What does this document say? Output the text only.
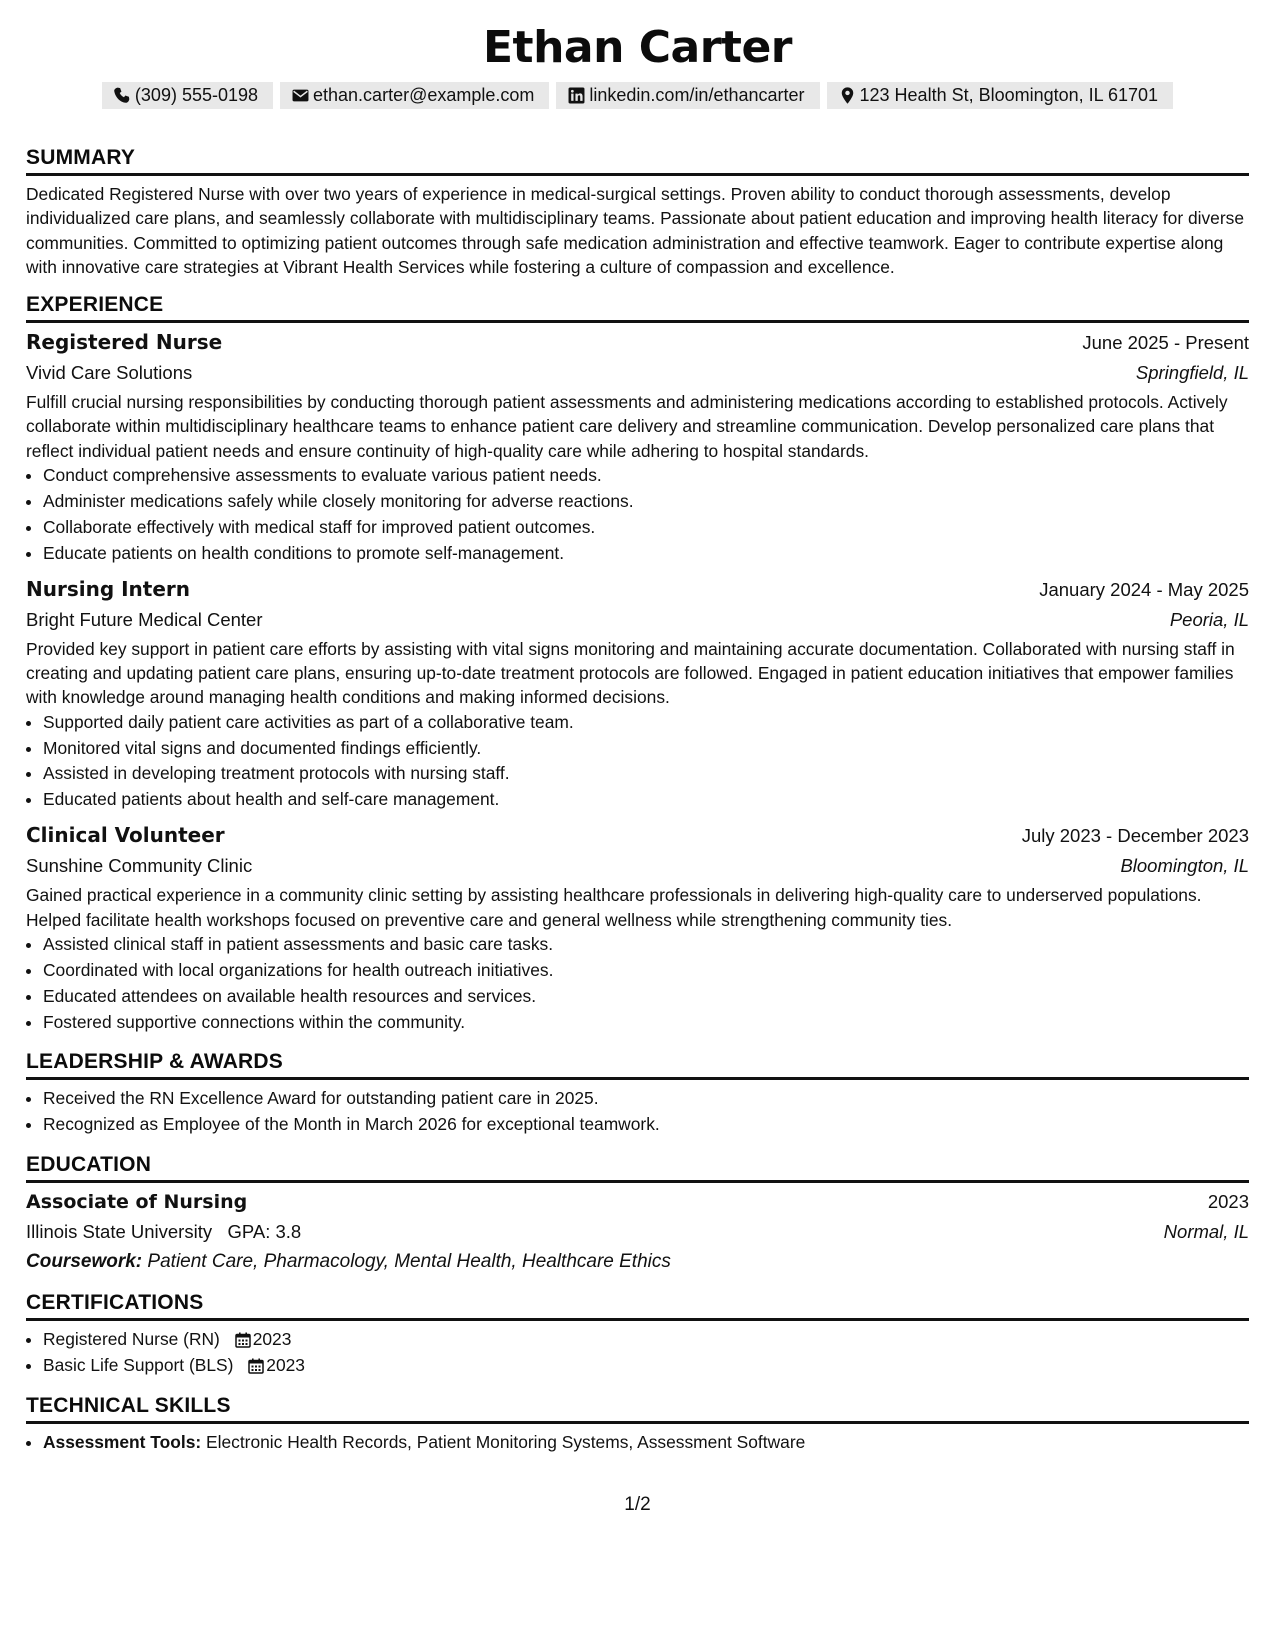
Ethan Carter
(309) 555-0198	ethan.carter@example.com	linkedin.com/in/ethancarter	123 Health St, Bloomington, IL 61701
SUMMARY

Dedicated Registered Nurse with over two years of experience in medical-surgical settings. Proven ability to conduct thorough assessments, develop individualized care plans, and seamlessly collaborate with multidisciplinary teams. Passionate about patient education and improving health literacy for diverse communities. Committed to optimizing patient outcomes through safe medication administration and effective teamwork. Eager to contribute expertise along with innovative care strategies at Vibrant Health Services while fostering a culture of compassion and excellence.

EXPERIENCE
Registered Nurse	June 2025 - Present
Vivid Care Solutions	Springfield, IL

Fulfill crucial nursing responsibilities by conducting thorough patient assessments and administering medications according to established protocols. Actively collaborate within multidisciplinary healthcare teams to enhance patient care delivery and streamline communication. Develop personalized care plans that reflect individual patient needs and ensure continuity of high-quality care while adhering to hospital standards.

• Conduct comprehensive assessments to evaluate various patient needs.
• Administer medications safely while closely monitoring for adverse reactions.
• Collaborate effectively with medical staff for improved patient outcomes.
• Educate patients on health conditions to promote self-management.
Nursing Intern	January 2024 - May 2025
Bright Future Medical Center	Peoria, IL

Provided key support in patient care efforts by assisting with vital signs monitoring and maintaining accurate documentation. Collaborated with nursing staff in creating and updating patient care plans, ensuring up-to-date treatment protocols are followed. Engaged in patient education initiatives that empower families with knowledge around managing health conditions and making informed decisions.

• Supported daily patient care activities as part of a collaborative team.
• Monitored vital signs and documented findings efficiently.
• Assisted in developing treatment protocols with nursing staff.
• Educated patients about health and self-care management.
Clinical Volunteer	July 2023 - December 2023
Sunshine Community Clinic	Bloomington, IL

Gained practical experience in a community clinic setting by assisting healthcare professionals in delivering high-quality care to underserved populations. Helped facilitate health workshops focused on preventive care and general wellness while strengthening community ties.

• Assisted clinical staff in patient assessments and basic care tasks.
• Coordinated with local organizations for health outreach initiatives.
• Educated attendees on available health resources and services.
• Fostered supportive connections within the community.
LEADERSHIP & AWARDS
• Received the RN Excellence Award for outstanding patient care in 2025.
• Recognized as Employee of the Month in March 2026 for exceptional teamwork.
EDUCATION
Associate of Nursing	2023
Illinois State University GPA: 3.8	Normal, IL
Coursework: Patient Care, Pharmacology, Mental Health, Healthcare Ethics
CERTIFICATIONS
• Registered Nurse (RN) 2023
• Basic Life Support (BLS) 2023
TECHNICAL SKILLS
• Assessment Tools: Electronic Health Records, Patient Monitoring Systems, Assessment Software
1/2
